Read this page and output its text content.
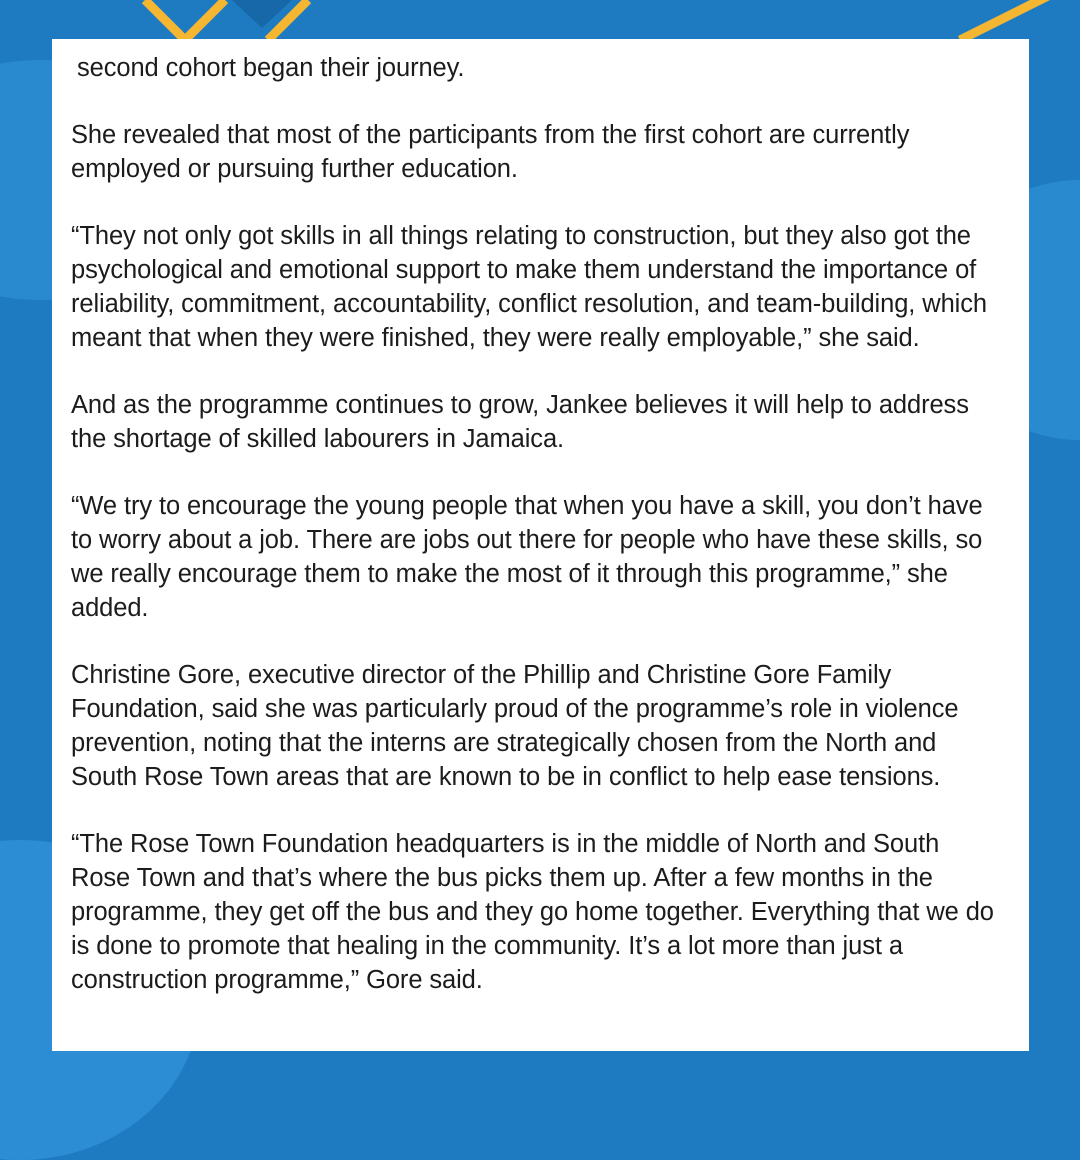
second cohort began their journey.

She revealed that most of the participants from the first cohort are currently employed or pursuing further education.

“They not only got skills in all things relating to construction, but they also got the psychological and emotional support to make them understand the importance of reliability, commitment, accountability, conflict resolution, and team-building, which meant that when they were finished, they were really employable,” she said.

And as the programme continues to grow, Jankee believes it will help to address the shortage of skilled labourers in Jamaica.

“We try to encourage the young people that when you have a skill, you don’t have to worry about a job. There are jobs out there for people who have these skills, so we really encourage them to make the most of it through this programme,” she added.

Christine Gore, executive director of the Phillip and Christine Gore Family Foundation, said she was particularly proud of the programme’s role in violence prevention, noting that the interns are strategically chosen from the North and South Rose Town areas that are known to be in conflict to help ease tensions.

“The Rose Town Foundation headquarters is in the middle of North and South Rose Town and that’s where the bus picks them up. After a few months in the programme, they get off the bus and they go home together. Everything that we do is done to promote that healing in the community. It’s a lot more than just a construction programme,” Gore said.
